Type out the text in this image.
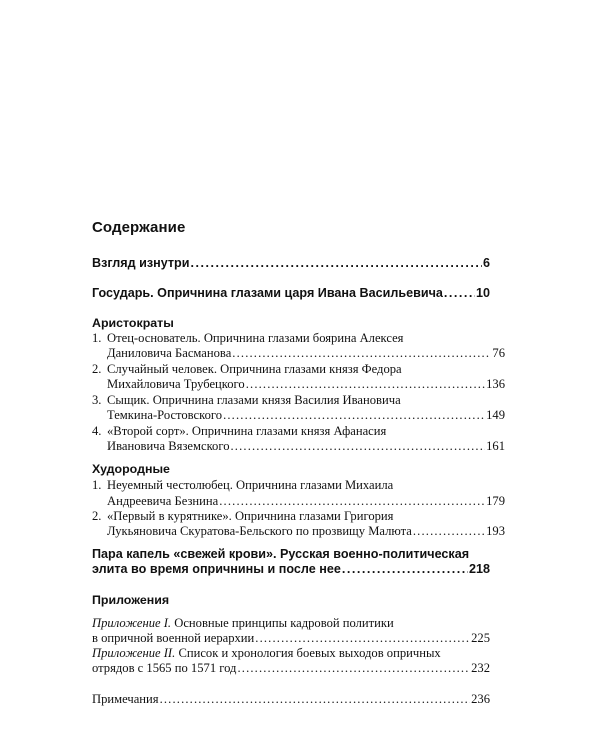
Содержание
Взгляд изнутри . . .	6
Государь. Опричнина глазами царя Ивана Васильевича . . .	10
Аристократы
1. Отец-основатель. Опричнина глазами боярина Алексея
Даниловича Басманова . . .	76
2. Случайный человек. Опричнина глазами князя Федора
Михайловича Трубецкого . . .	136
3. Сыщик. Опричнина глазами князя Василия Ивановича
Темкина-Ростовского . . .	149
4. «Второй сорт». Опричнина глазами князя Афанасия
Ивановича Вяземского . . .	161
Худородные
1. Неуемный честолюбец. Опричнина глазами Михаила
Андреевича Безнина . . .	179
2. «Первый в курятнике». Опричнина глазами Григория
Лукьяновича Скуратова-Бельского по прозвищу Малюта . . .	193
Пара капель «свежей крови». Русская военно-политическая
элита во время опричнины и после нее . . .	218
Приложения
Приложение I. Основные принципы кадровой политики
в опричной военной иерархии . . .	225
Приложение II. Список и хронология боевых выходов опричных
отрядов с 1565 по 1571 год . . .	232
Примечания . . .	236
